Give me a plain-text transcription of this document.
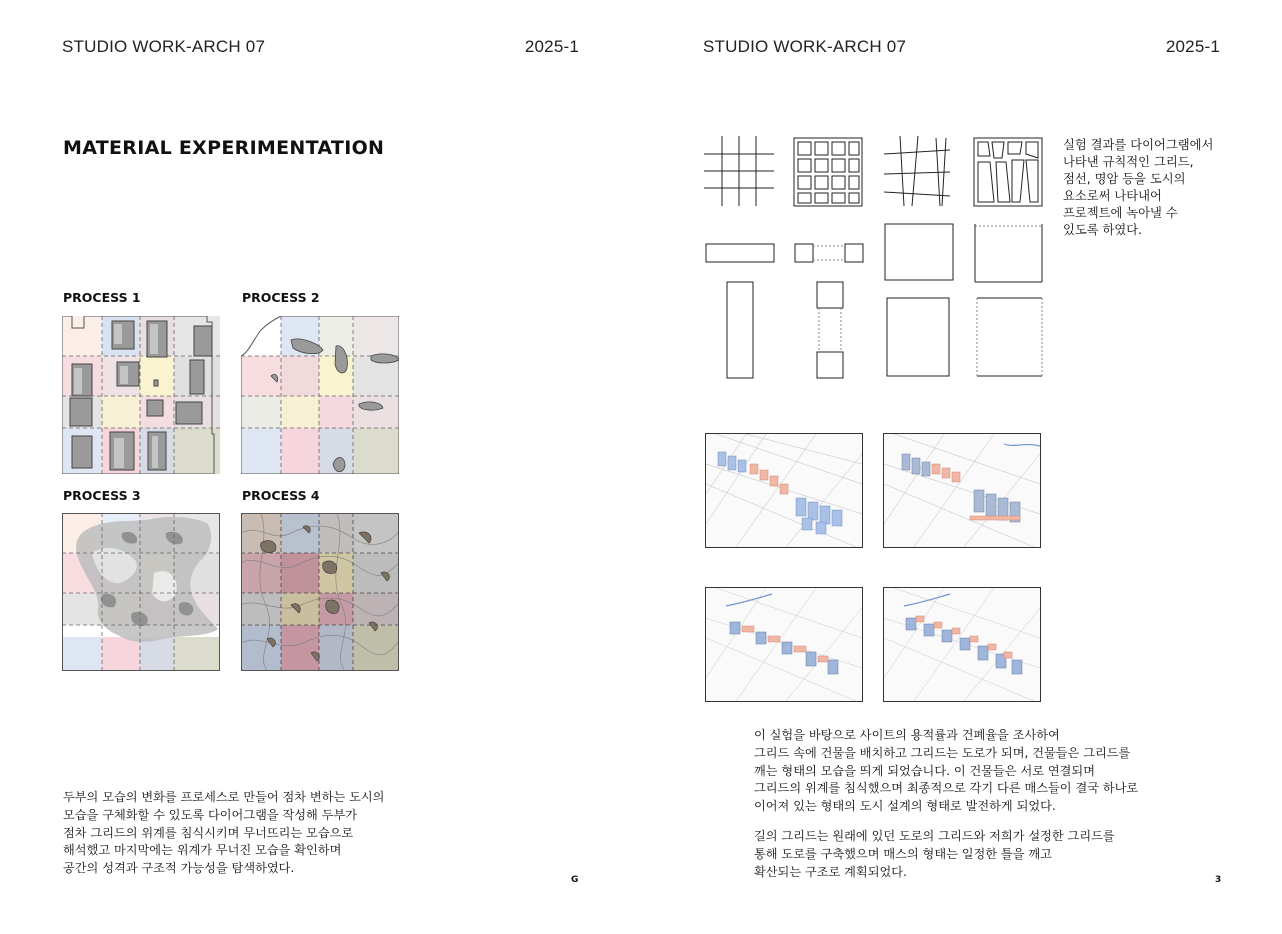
STUDIO WORK-ARCH 07	2025-1
MATERIAL EXPERIMENTATION
PROCESS 1	PROCESS 2
PROCESS 3	PROCESS 4
두부의 모습의 변화를 프로세스로 만들어 점차 변하는 도시의
모습을 구체화할 수 있도록 다이어그램을 작성해 두부가
점차 그리드의 위계를 침식시키며 무너뜨리는 모습으로
해석했고 마지막에는 위계가 무너진 모습을 확인하며
공간의 성격과 구조적 가능성을 탐색하였다.
G
STUDIO WORK-ARCH 07	2025-1
실험 결과를 다이어그램에서
나타낸 규칙적인 그리드,
점선, 명암 등을 도시의
요소로써 나타내어
프로젝트에 녹아낼 수
있도록 하였다.
이 실험을 바탕으로 사이트의 용적률과 건폐율을 조사하여
그리드 속에 건물을 배치하고 그리드는 도로가 되며, 건물들은 그리드를
깨는 형태의 모습을 띄게 되었습니다. 이 건물들은 서로 연결되며
그리드의 위계를 침식했으며 최종적으로 각기 다른 매스들이 결국 하나로
이어져 있는 형태의 도시 설계의 형태로 발전하게 되었다.
길의 그리드는 원래에 있던 도로의 그리드와 저희가 설정한 그리드를
통해 도로를 구축했으며 매스의 형태는 일정한 틀을 깨고
확산되는 구조로 계획되었다.
3
